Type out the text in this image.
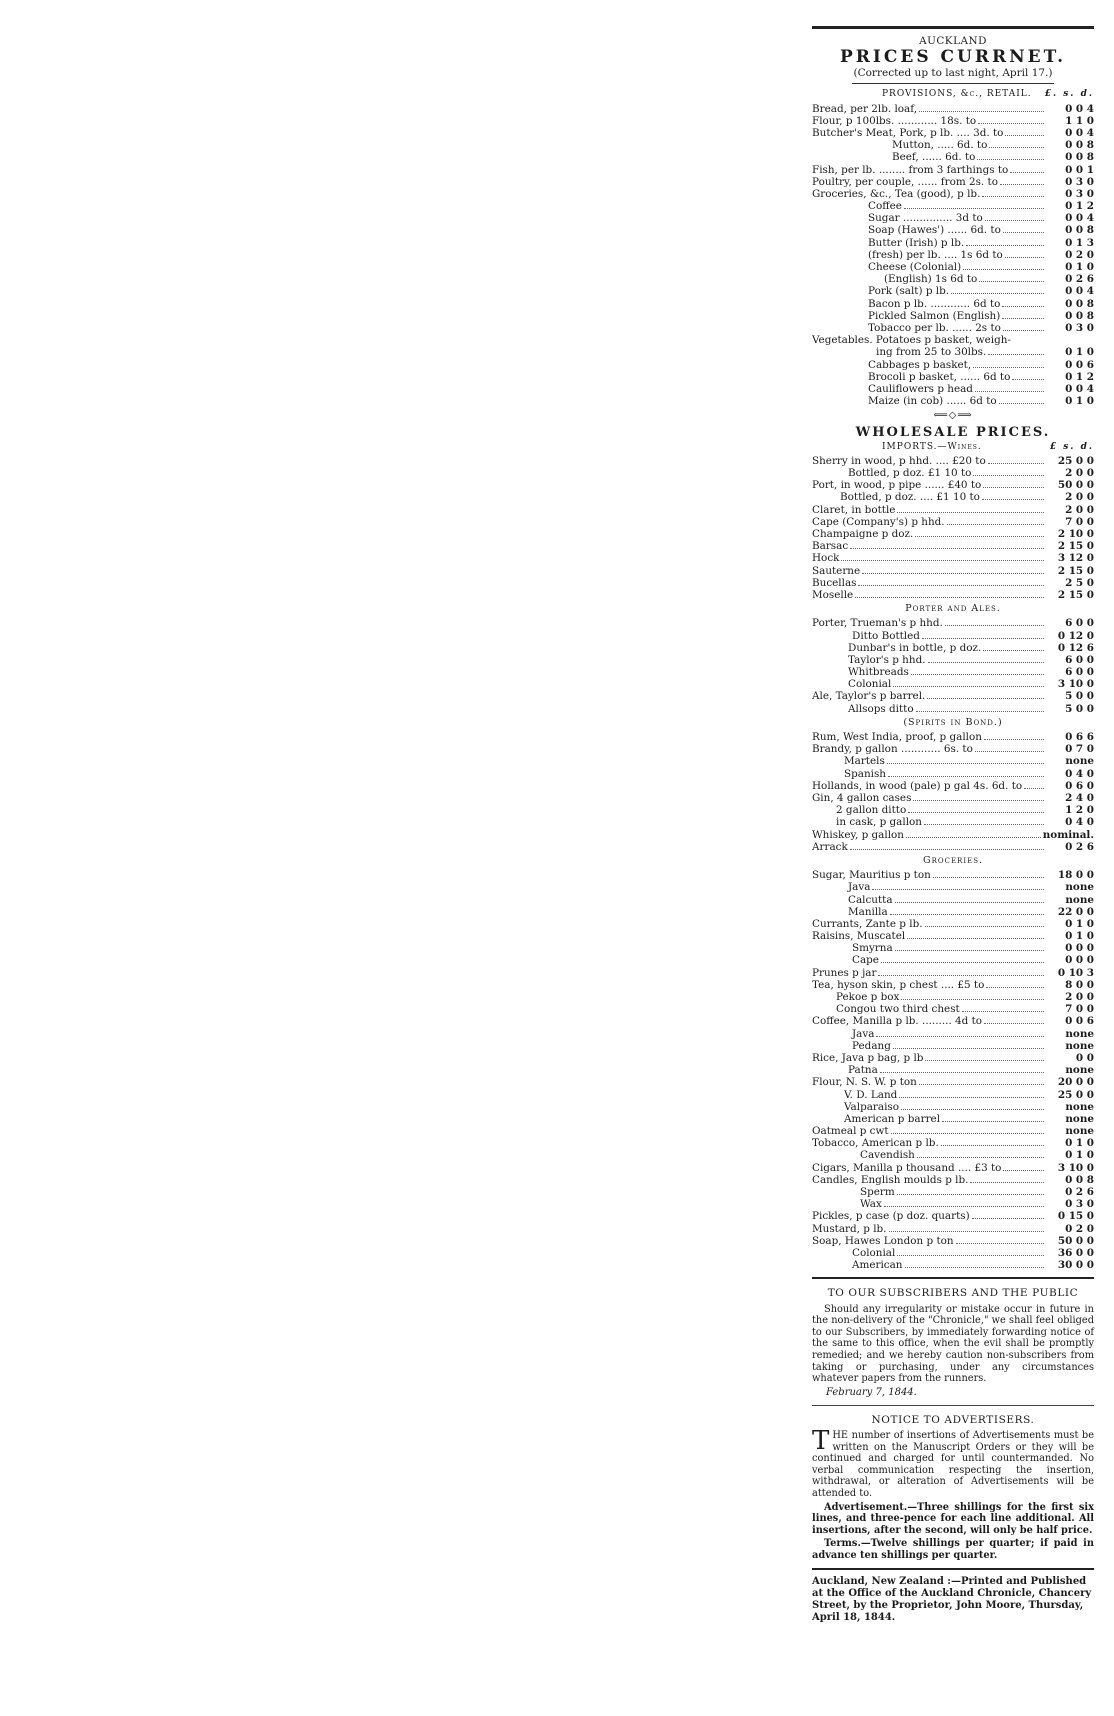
AUCKLAND
PRICES CURRNET.
(Corrected up to last night, April 17.)
PROVISIONS, &c., RETAIL. £. s. d.
Bread, per 2lb. loaf,	0 0 4
Flour, p 100lbs. ............ 18s. to	1 1 0
Butcher's Meat, Pork, p lb. .... 3d. to	0 0 4
Mutton, ..... 6d. to	0 0 8
Beef, ...... 6d. to	0 0 8
Fish, per lb. ........ from 3 farthings to	0 0 1
Poultry, per couple, ...... from 2s. to	0 3 0
Groceries, &c., Tea (good), p lb.	0 3 0
Coffee	0 1 2
Sugar ............... 3d to	0 0 4
Soap (Hawes') ...... 6d. to	0 0 8
Butter (Irish) p lb.	0 1 3
(fresh) per lb. .... 1s 6d to	0 2 0
Cheese (Colonial)	0 1 0
(English) 1s 6d to	0 2 6
Pork (salt) p lb.	0 0 4
Bacon p lb. ............ 6d to	0 0 8
Pickled Salmon (English)	0 0 8
Tobacco per lb. ...... 2s to	0 3 0
Vegetables. Potatoes p basket, weigh-
ing from 25 to 30lbs.	0 1 0
Cabbages p basket,	0 0 6
Brocoli p basket, ...... 6d to	0 1 2
Cauliflowers p head	0 0 4
Maize (in cob) ...... 6d to	0 1 0
⟸◇⟹
WHOLESALE PRICES.
IMPORTS.—Wines.	£ s. d.
Sherry in wood, p hhd. .... £20 to	25 0 0
Bottled, p doz. £1 10 to	2 0 0
Port, in wood, p pipe ...... £40 to	50 0 0
Bottled, p doz. .... £1 10 to	2 0 0
Claret, in bottle	2 0 0
Cape (Company's) p hhd.	7 0 0
Champaigne p doz.	2 10 0
Barsac	2 15 0
Hock	3 12 0
Sauterne	2 15 0
Bucellas	2 5 0
Moselle	2 15 0
Porter and Ales.
Porter, Trueman's p hhd.	6 0 0
Ditto Bottled	0 12 0
Dunbar's in bottle, p doz.	0 12 6
Taylor's p hhd.	6 0 0
Whitbreads	6 0 0
Colonial	3 10 0
Ale, Taylor's p barrel.	5 0 0
Allsops ditto	5 0 0
(Spirits in Bond.)
Rum, West India, proof, p gallon	0 6 6
Brandy, p gallon ............ 6s. to	0 7 0
Martels	none
Spanish	0 4 0
Hollands, in wood (pale) p gal 4s. 6d. to	0 6 0
Gin, 4 gallon cases	2 4 0
2 gallon ditto	1 2 0
in cask, p gallon	0 4 0
Whiskey, p gallon	nominal.
Arrack	0 2 6
Groceries.
Sugar, Mauritius p ton	18 0 0
Java	none
Calcutta	none
Manilla	22 0 0
Currants, Zante p lb.	0 1 0
Raisins, Muscatel	0 1 0
Smyrna	0 0 0
Cape	0 0 0
Prunes p jar	0 10 3
Tea, hyson skin, p chest .... £5 to	8 0 0
Pekoe p box	2 0 0
Congou two third chest	7 0 0
Coffee, Manilla p lb. ......... 4d to	0 0 6
Java	none
Pedang	none
Rice, Java p bag, p lb	0 0
Patna	none
Flour, N. S. W. p ton	20 0 0
V. D. Land	25 0 0
Valparaiso	none
American p barrel	none
Oatmeal p cwt	none
Tobacco, American p lb.	0 1 0
Cavendish	0 1 0
Cigars, Manilla p thousand .... £3 to	3 10 0
Candles, English moulds p lb.	0 0 8
Sperm	0 2 6
Wax	0 3 0
Pickles, p case (p doz. quarts)	0 15 0
Mustard, p lb.	0 2 0
Soap, Hawes London p ton	50 0 0
Colonial	36 0 0
American	30 0 0
TO OUR SUBSCRIBERS AND THE PUBLIC
Should any irregularity or mistake occur in future in the non-delivery of the "Chronicle," we shall feel obliged to our Subscribers, by immediately forwarding notice of the same to this office, when the evil shall be promptly remedied; and we hereby caution non-subscribers from taking or purchasing, under any circumstances whatever papers from the runners.
February 7, 1844.
NOTICE TO ADVERTISERS.
THE number of insertions of Advertisements must be written on the Manuscript Orders or they will be continued and charged for until countermanded. No verbal communication respecting the insertion, withdrawal, or alteration of Advertisements will be attended to.
Advertisement.—Three shillings for the first six lines, and three-pence for each line additional. All insertions, after the second, will only be half price.
Terms.—Twelve shillings per quarter; if paid in advance ten shillings per quarter.
Auckland, New Zealand :—Printed and Published at the Office of the Auckland Chronicle, Chancery Street, by the Proprietor, John Moore, Thursday, April 18, 1844.
